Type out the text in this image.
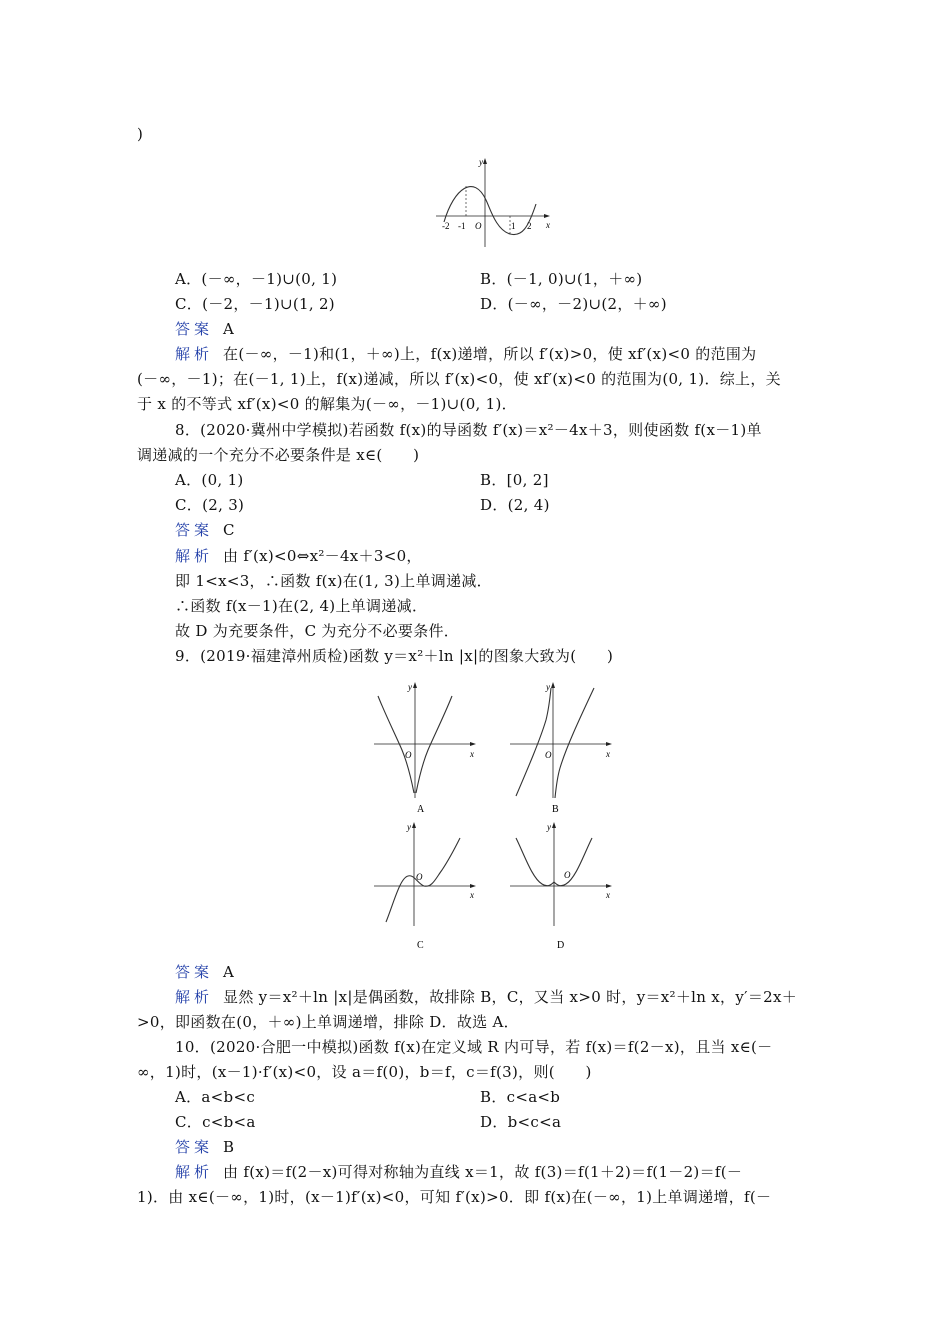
)
y
x
-2 -1 O	1 2
A．(－∞，－1)∪(0, 1)	B．(－1, 0)∪(1，＋∞)
C．(－2，－1)∪(1, 2)	D．(－∞，－2)∪(2，＋∞)
答案 A
解析 在(－∞，－1)和(1，＋∞)上，f(x)递增，所以 f′(x)>0，使 xf′(x)<0 的范围为
(－∞，－1)；在(－1, 1)上，f(x)递减，所以 f′(x)<0，使 xf′(x)<0 的范围为(0, 1)．综上，关
于 x 的不等式 xf′(x)<0 的解集为(－∞，－1)∪(0, 1)．
8．(2020·冀州中学模拟)若函数 f(x)的导函数 f′(x)＝x²－4x＋3，则使函数 f(x－1)单
调递减的一个充分不必要条件是 x∈(　　)
A．(0, 1)	B．[0, 2]
C．(2, 3)	D．(2, 4)
答案 C
解析 由 f′(x)<0⇔x²－4x＋3<0，
即 1<x<3，∴函数 f(x)在(1, 3)上单调递减．
∴函数 f(x－1)在(2, 4)上单调递减．
故 D 为充要条件，C 为充分不必要条件．
9．(2019·福建漳州质检)函数 y＝x²＋ln |x|的图象大致为(　　)
y
x
O
A
y
x
O
B
y
x
O
C
y
x
O
D
答案 A
解析 显然 y＝x²＋ln |x|是偶函数，故排除 B，C，又当 x>0 时，y＝x²＋ln x，y′＝2x＋
>0，即函数在(0，＋∞)上单调递增，排除 D．故选 A．
10．(2020·合肥一中模拟)函数 f(x)在定义域 R 内可导，若 f(x)＝f(2－x)，且当 x∈(－
∞，1)时，(x－1)·f′(x)<0，设 a＝f(0)，b＝f，c＝f(3)，则(　　)
A．a<b<c	B．c<a<b
C．c<b<a	D．b<c<a
答案 B
解析 由 f(x)＝f(2－x)可得对称轴为直线 x＝1，故 f(3)＝f(1＋2)＝f(1－2)＝f(－
1)．由 x∈(－∞，1)时，(x－1)f′(x)<0，可知 f′(x)>0．即 f(x)在(－∞，1)上单调递增，f(－
